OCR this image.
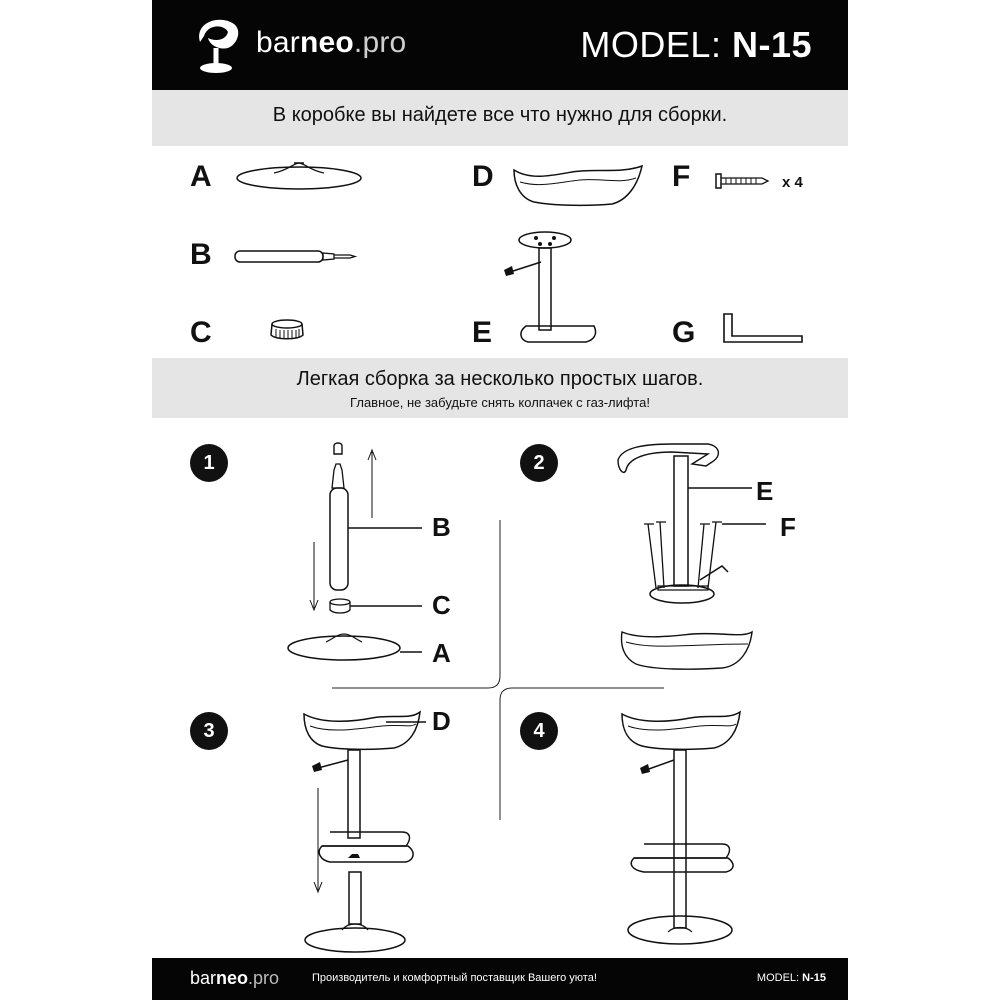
barneo.pro	MODEL: N-15
В коробке вы найдете все что нужно для сборки.
A
B
C
D
E
F	x 4
G
Легкая сборка за несколько простых шагов.
Главное, не забудьте снять колпачек с газ-лифта!
1
B
C
A
2
E
F
3	D	4
barneo.pro	Производитель и комфортный поставщик Вашего уюта!	MODEL: N-15
